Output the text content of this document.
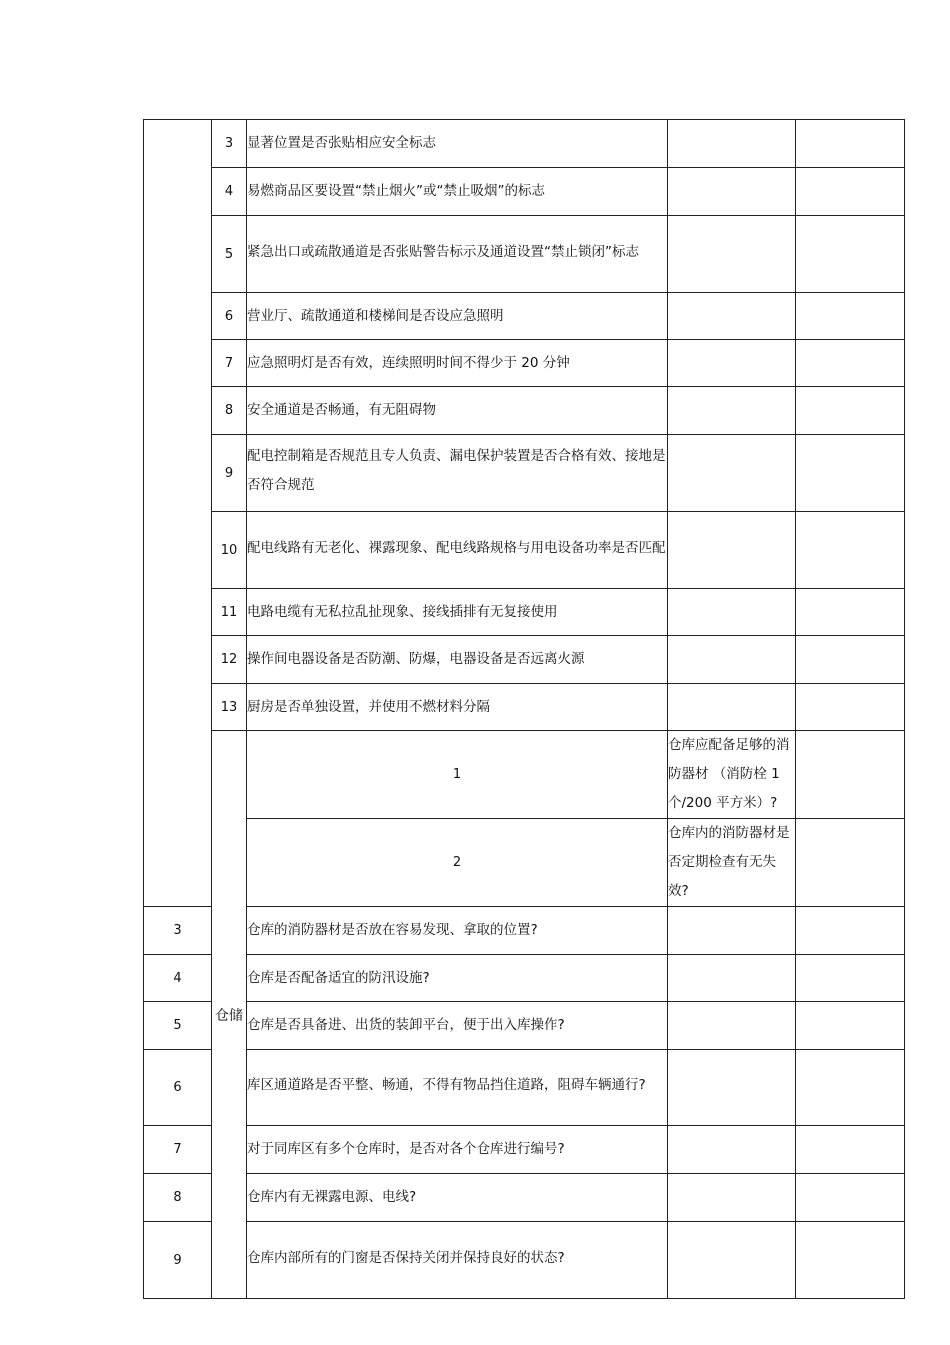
	3	显著位置是否张贴相应安全标志			
	4	易燃商品区要设置“禁止烟火”或“禁止吸烟”的标志			
	5	紧急出口或疏散通道是否张贴警告标示及通道设置“禁止锁闭”标志			
	6	营业厅、疏散通道和楼梯间是否设应急照明			
	7	应急照明灯是否有效，连续照明时间不得少于 20 分钟			
	8	安全通道是否畅通，有无阻碍物			
	9	配电控制箱是否规范且专人负责、漏电保护装置是否合格有效、接地是否符合规范			
	10	配电线路有无老化、裸露现象、配电线路规格与用电设备功率是否匹配			
	11	电路电缆有无私拉乱扯现象、接线插排有无复接使用			
	12	操作间电器设备是否防潮、防爆，电器设备是否远离火源			
	13	厨房是否单独设置，并使用不燃材料分隔			
	仓储	1	仓库应配备足够的消防器材 （消防栓 1个/200 平方米）?		
		2	仓库内的消防器材是否定期检查有无失效?		
3		仓库的消防器材是否放在容易发现、拿取的位置?			
4		仓库是否配备适宜的防汛设施?			
5		仓库是否具备进、出货的装卸平台，便于出入库操作?			
6		库区通道路是否平整、畅通，不得有物品挡住道路，阻碍车辆通行?			
7		对于同库区有多个仓库时，是否对各个仓库进行编号?			
8		仓库内有无裸露电源、电线?			
9		仓库内部所有的门窗是否保持关闭并保持良好的状态?			
